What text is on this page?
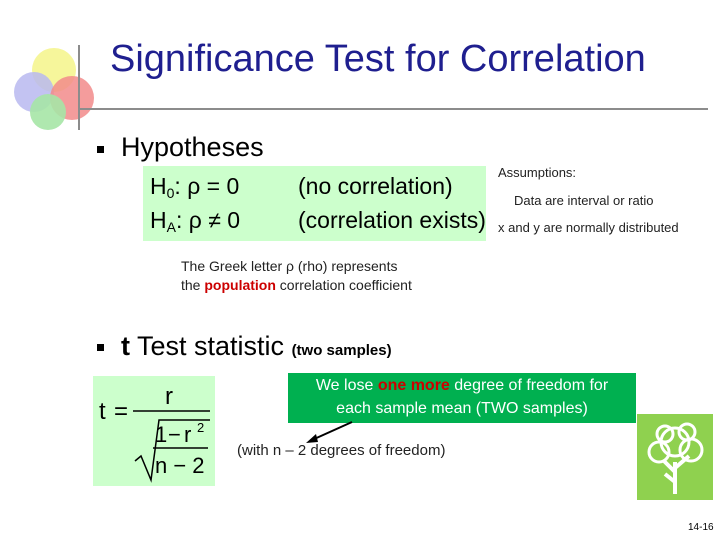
Significance Test for Correlation
Hypotheses
$H_0$: ρ = 0
$H_A$: ρ ≠ 0
(no correlation)
(correlation exists)
Assumptions:
Data are interval or ratio
x and y are normally distributed
The Greek letter ρ (rho) represents
the population correlation coefficient
t Test statistic (two samples)
t =
r
1 − r 2
n − 2
We lose one more degree of freedom for
each sample mean (TWO samples)
(with n – 2 degrees of freedom)
14-16
